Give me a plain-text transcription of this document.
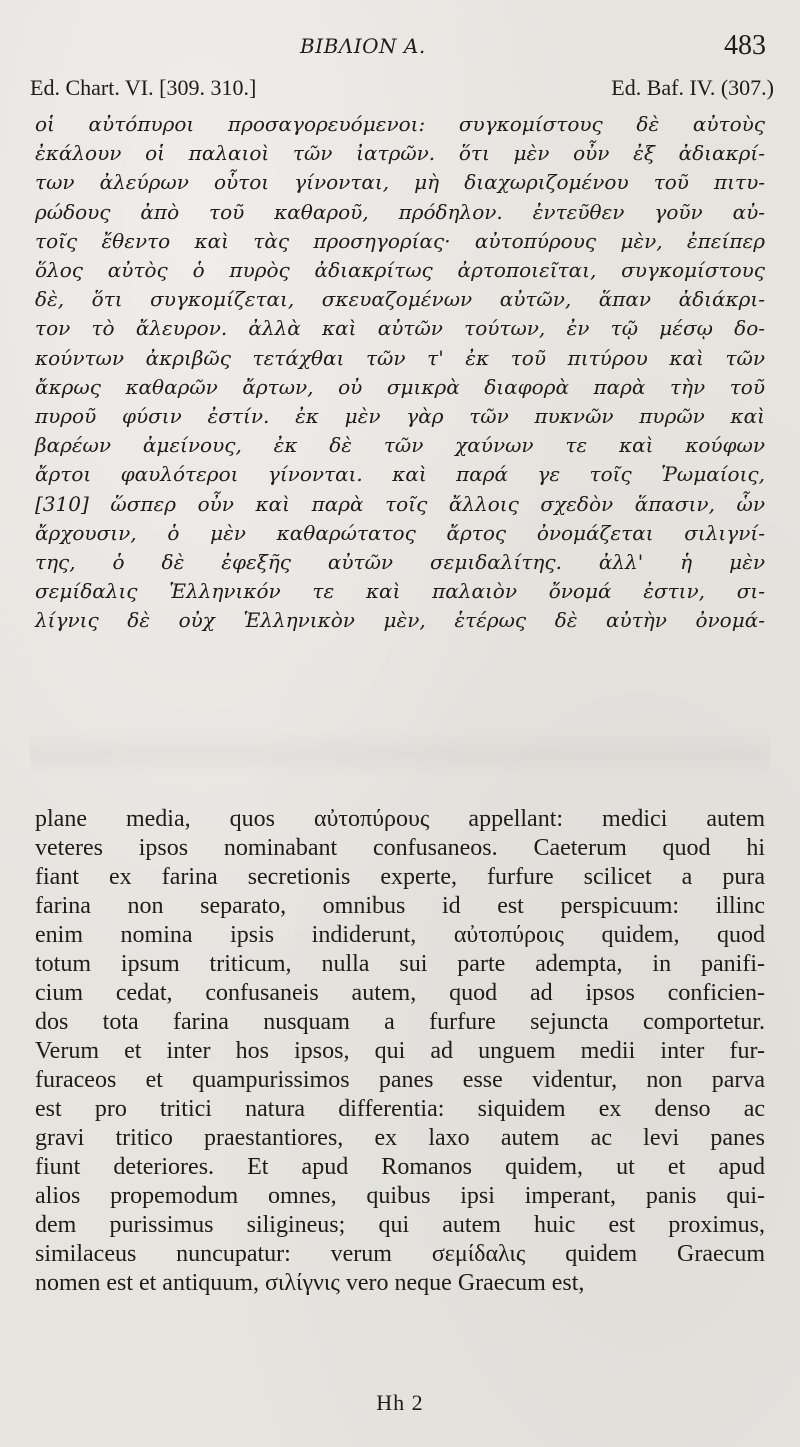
BIBΛION A.	483
Ed. Chart. VI. [309. 310.]	Ed. Baf. IV. (307.)
οἱ αὐτόπυροι προσαγορευόμενοι: συγκομίστους δὲ αὐτοὺς
ἐκάλουν οἱ παλαιοὶ τῶν ἰατρῶν. ὅτι μὲν οὖν ἐξ ἀδιακρί-
των ἀλεύρων οὗτοι γίνονται, μὴ διαχωριζομένου τοῦ πιτυ-
ρώδους ἀπὸ τοῦ καθαροῦ, πρόδηλον. ἐντεῦθεν γοῦν αὐ-
τοῖς ἔθεντο καὶ τὰς προσηγορίας· αὐτοπύρους μὲν, ἐπείπερ
ὅλος αὐτὸς ὁ πυρὸς ἀδιακρίτως ἀρτοποιεῖται, συγκομίστους
δὲ, ὅτι συγκομίζεται, σκευαζομένων αὐτῶν, ἅπαν ἀδιάκρι-
τον τὸ ἄλευρον. ἀλλὰ καὶ αὐτῶν τούτων, ἐν τῷ μέσῳ δο-
κούντων ἀκριβῶς τετάχθαι τῶν τ' ἐκ τοῦ πιτύρου καὶ τῶν
ἄκρως καθαρῶν ἄρτων, οὐ σμικρὰ διαφορὰ παρὰ τὴν τοῦ
πυροῦ φύσιν ἐστίν. ἐκ μὲν γὰρ τῶν πυκνῶν πυρῶν καὶ
βαρέων ἀμείνους, ἐκ δὲ τῶν χαύνων τε καὶ κούφων
ἄρτοι φαυλότεροι γίνονται. καὶ παρά γε τοῖς Ῥωμαίοις,
[310] ὥσπερ οὖν καὶ παρὰ τοῖς ἄλλοις σχεδὸν ἅπασιν, ὧν
ἄρχουσιν, ὁ μὲν καθαρώτατος ἄρτος ὀνομάζεται σιλιγνί-
της, ὁ δὲ ἐφεξῆς αὐτῶν σεμιδαλίτης. ἀλλ' ἡ μὲν
σεμίδαλις Ἑλληνικόν τε καὶ παλαιὸν ὄνομά ἐστιν, σι-
λίγνις δὲ οὐχ Ἑλληνικὸν μὲν, ἑτέρως δὲ αὐτὴν ὀνομά-
plane media, quos αὐτοπύρους appellant: medici autem
veteres ipsos nominabant confusaneos. Caeterum quod hi
fiant ex farina secretionis experte, furfure scilicet a pura
farina non separato, omnibus id est perspicuum: illinc
enim nomina ipsis indiderunt, αὐτοπύροις quidem, quod
totum ipsum triticum, nulla sui parte adempta, in panifi-
cium cedat, confusaneis autem, quod ad ipsos conficien-
dos tota farina nusquam a furfure sejuncta comportetur.
Verum et inter hos ipsos, qui ad unguem medii inter fur-
furaceos et quampurissimos panes esse videntur, non parva
est pro tritici natura differentia: siquidem ex denso ac
gravi tritico praestantiores, ex laxo autem ac levi panes
fiunt deteriores. Et apud Romanos quidem, ut et apud
alios propemodum omnes, quibus ipsi imperant, panis qui-
dem purissimus siligineus; qui autem huic est proximus,
similaceus nuncupatur: verum σεμίδαλις quidem Graecum
nomen est et antiquum, σιλίγνις vero neque Graecum est,
Hh 2
